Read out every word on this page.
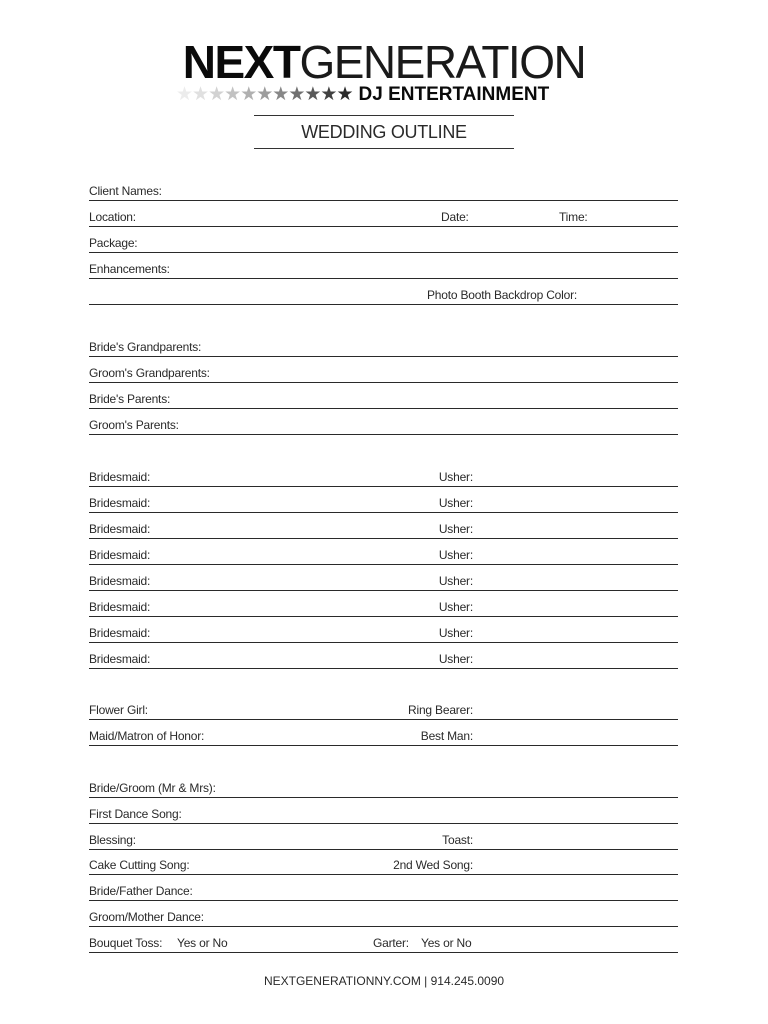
NEXTGENERATION
★ ★ ★ ★ ★ ★ ★ ★ ★ ★ ★ DJ ENTERTAINMENT
WEDDING OUTLINE
Client Names:
Location:	Date:	Time:
Package:
Enhancements:
Photo Booth Backdrop Color:
Bride's Grandparents:
Groom's Grandparents:
Bride's Parents:
Groom's Parents:
Bridesmaid:	Usher:
Bridesmaid:	Usher:
Bridesmaid:	Usher:
Bridesmaid:	Usher:
Bridesmaid:	Usher:
Bridesmaid:	Usher:
Bridesmaid:	Usher:
Bridesmaid:	Usher:
Flower Girl:	Ring Bearer:
Maid/Matron of Honor:	Best Man:
Bride/Groom (Mr & Mrs):
First Dance Song:
Blessing:	Toast:
Cake Cutting Song:	2nd Wed Song:
Bride/Father Dance:
Groom/Mother Dance:
Bouquet Toss: Yes or No	Garter: Yes or No
NEXTGENERATIONNY.COM | 914.245.0090
